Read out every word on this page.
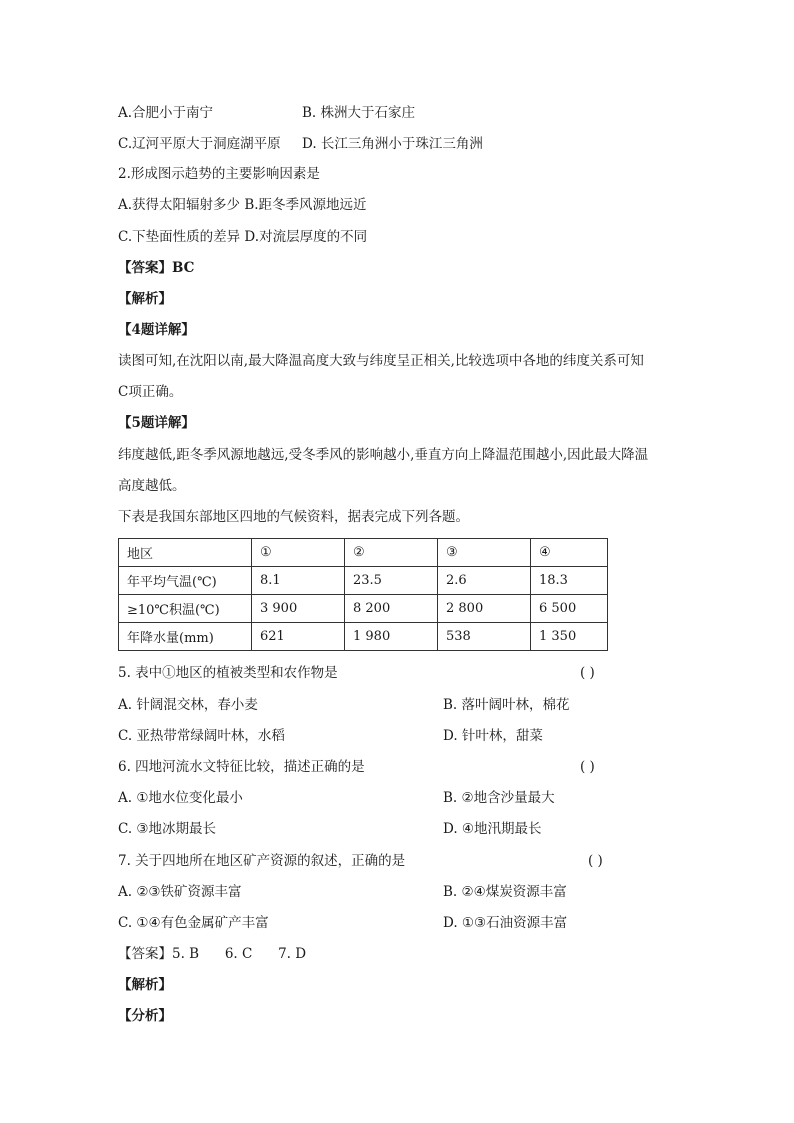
A.合肥小于南宁	B. 株洲大于石家庄
C.辽河平原大于洞庭湖平原 D. 长江三角洲小于珠江三角洲
2.形成图示趋势的主要影响因素是
A.获得太阳辐射多少 B.距冬季风源地远近
C.下垫面性质的差异 D.对流层厚度的不同
【答案】BC
【解析】
【4题详解】
读图可知,在沈阳以南,最大降温高度大致与纬度呈正相关,比较选项中各地的纬度关系可知
C项正确。
【5题详解】
纬度越低,距冬季风源地越远,受冬季风的影响越小,垂直方向上降温范围越小,因此最大降温
高度越低。
下表是我国东部地区四地的气候资料，据表完成下列各题。
地区	①	②	③	④
年平均气温(℃)	8.1	23.5	2.6	18.3
≥10℃积温(℃)	3 900	8 200	2 800	6 500
年降水量(mm)	621	1 980	538	1 350
5. 表中①地区的植被类型和农作物是	( )
A. 针阔混交林，春小麦	B. 落叶阔叶林，棉花
C. 亚热带常绿阔叶林，水稻	D. 针叶林，甜菜
6. 四地河流水文特征比较，描述正确的是	( )
A. ①地水位变化最小	B. ②地含沙量最大
C. ③地冰期最长	D. ④地汛期最长
7. 关于四地所在地区矿产资源的叙述，正确的是	( )
A. ②③铁矿资源丰富	B. ②④煤炭资源丰富
C. ①④有色金属矿产丰富	D. ①③石油资源丰富
【答案】5. B      6. C      7. D
【解析】
【分析】
